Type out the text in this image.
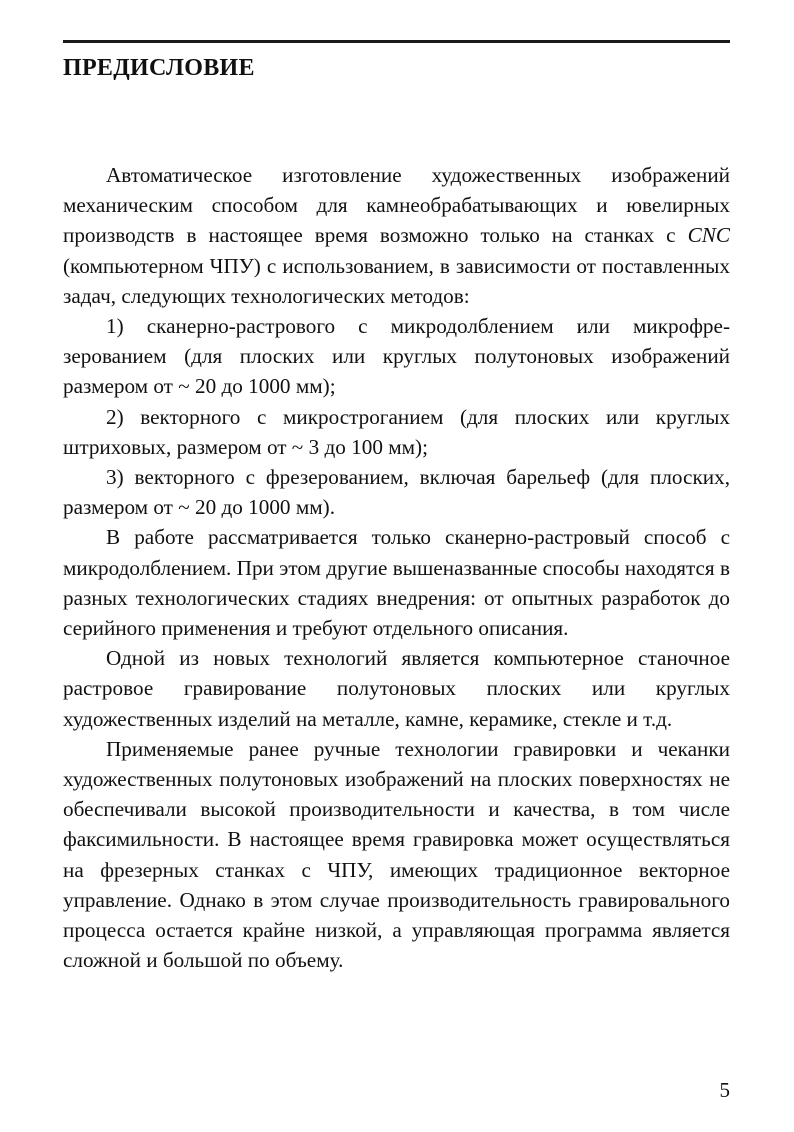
ПРЕДИСЛОВИЕ

Автоматическое изготовление художественных изображений механическим способом для камнеобрабатывающих и ювелирных производств в настоящее время возможно только на станках с CNC (компьютерном ЧПУ) с использованием, в зависимости от поставленных задач, следующих технологических методов:

1) сканерно-растрового с микродолблением или микрофрезерованием (для плоских или круглых полутоновых изображений размером от ~ 20 до 1000 мм);

2) векторного с микрострoганием (для плоских или круглых штриховых, размером от ~ 3 до 100 мм);

3) векторного с фрезерованием, включая барельеф (для плоских, размером от ~ 20 до 1000 мм).

В работе рассматривается только сканерно-растровый способ с микродолблением. При этом другие вышеназванные способы находятся в разных технологических стадиях внедрения: от опытных разработок до серийного применения и требуют отдельного описания.

Одной из новых технологий является компьютерное станочное растровое гравирование полутоновых плоских или круглых художественных изделий на металле, камне, керамике, стекле и т.д.

Применяемые ранее ручные технологии гравировки и чеканки художественных полутоновых изображений на плоских поверхностях не обеспечивали высокой производительности и качества, в том числе факсимильности. В настоящее время гравировка может осуществляться на фрезерных станках с ЧПУ, имеющих традиционное векторное управление. Однако в этом случае производительность гравировального процесса остается крайне низкой, а управляющая программа является сложной и большой по объему.

5
